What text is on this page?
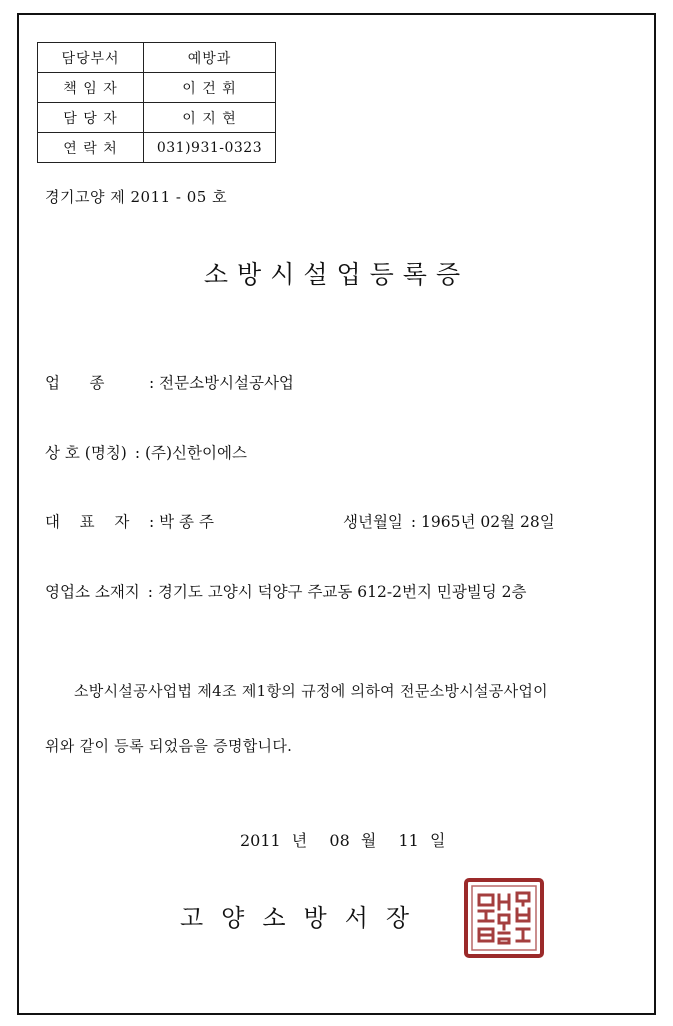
담당부서	예방과
책 임 자	이 건 휘
담 당 자	이 지 현
연 락 처	031)931-0323
경기고양 제 2011 - 05 호
소방시설업등록증
업      종	: 전문소방시설공사업
상 호 (명칭) : (주)신한이에스
대    표    자 : 박 종 주	생년월일 : 1965년 02월 28일
영업소 소재지 : 경기도 고양시 덕양구 주교동 612-2번지 민광빌딩 2층
소방시설공사업법 제4조 제1항의 규정에 의하여 전문소방시설공사업이
위와 같이 등록 되었음을 증명합니다.
2011 년  08 월  11 일
고양소방서장
